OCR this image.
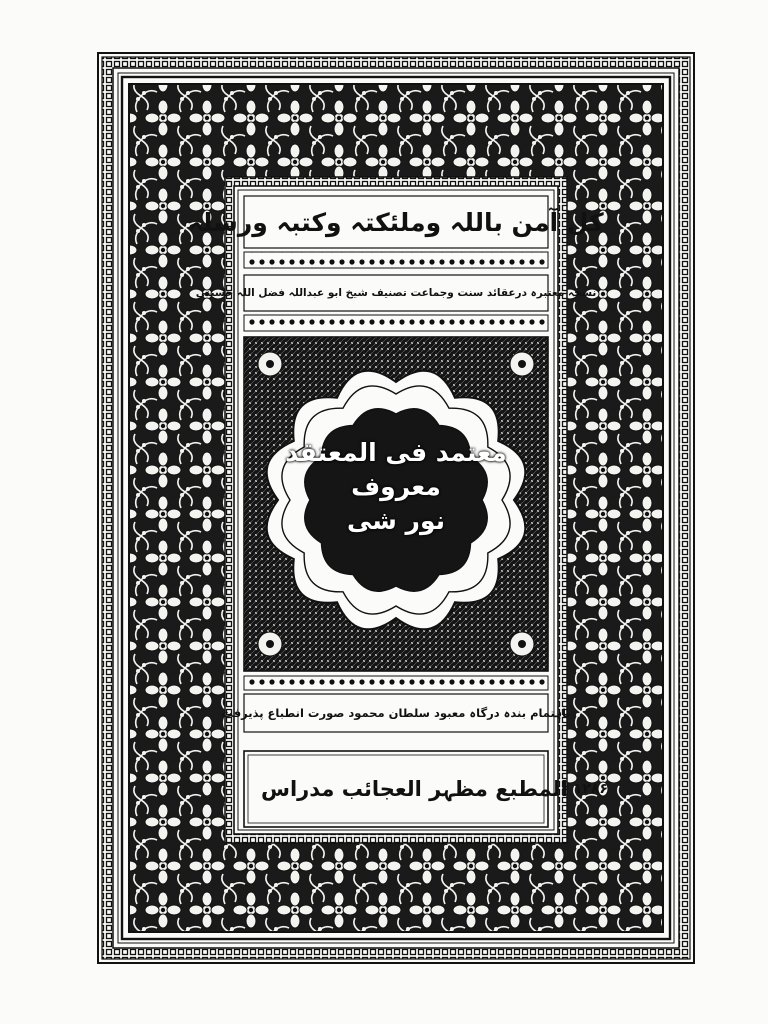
کل آمن باللہ وملئکتہ وکتبہ ورسلہ
نسخہ معتبرہ درعقائد سنت وجماعت تصنیف شیخ ابو عبداللہ فضل اللہ حسینی
معتمد فی المعتقد
معروف
نور شی
باہتمام بندہ درگاہ معبود سلطان محمود صورت انطباع پذیرفت
المطبع مظہر العجائب مدراس ۱۲۸۶
